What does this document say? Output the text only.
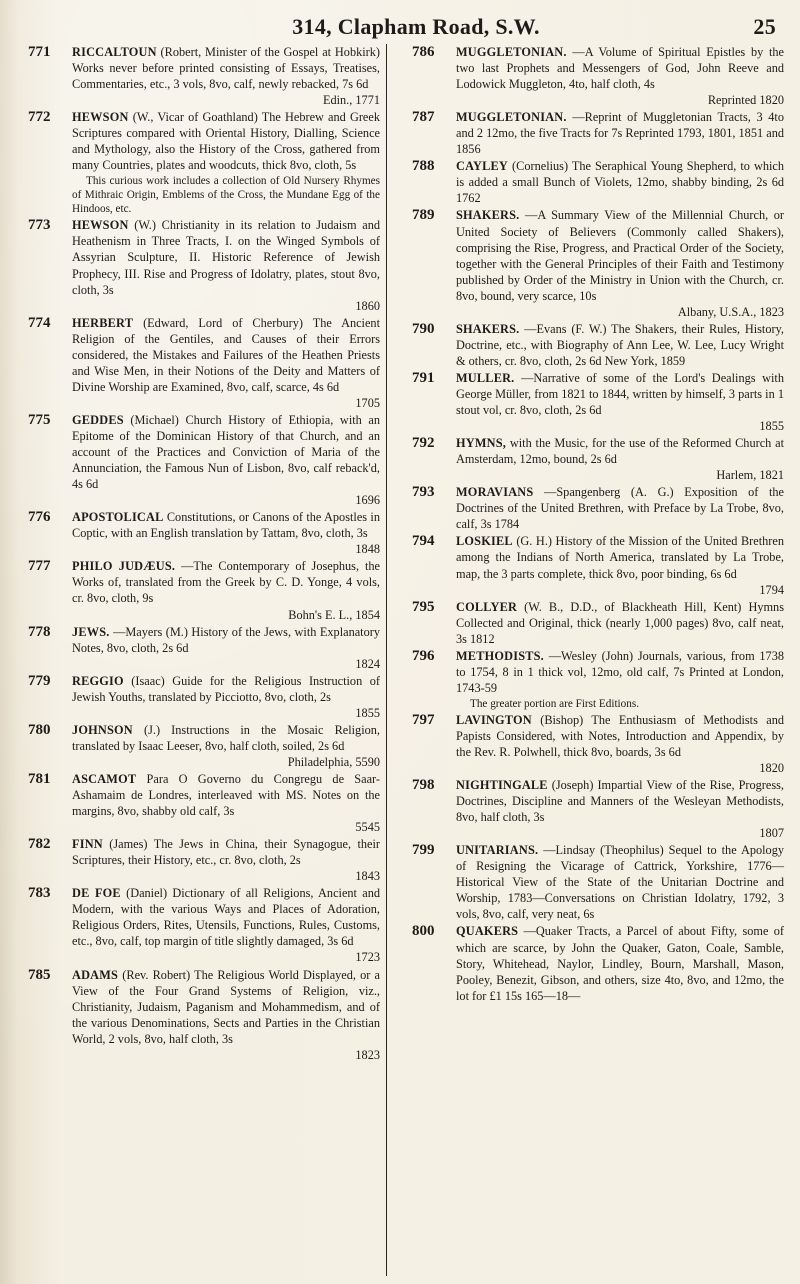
314, Clapham Road, S.W.	25
771	RICCALTOUN (Robert, Minister of the Gospel at Hobkirk) Works never before printed consisting of Essays, Treatises, Commentaries, etc., 3 vols, 8vo, calf, newly rebacked, 7s 6d
Edin., 1771
772	HEWSON (W., Vicar of Goathland) The Hebrew and Greek Scriptures compared with Oriental History, Dialling, Science and Mythology, also the History of the Cross, gathered from many Countries, plates and woodcuts, thick 8vo, cloth, 5s
This curious work includes a collection of Old Nursery Rhymes of Mithraic Origin, Emblems of the Cross, the Mundane Egg of the Hindoos, etc.
773	HEWSON (W.) Christianity in its relation to Judaism and Heathenism in Three Tracts, I. on the Winged Symbols of Assyrian Sculpture, II. Historic Reference of Jewish Prophecy, III. Rise and Progress of Idolatry, plates, stout 8vo, cloth, 3s
1860
774	HERBERT (Edward, Lord of Cherbury) The Ancient Religion of the Gentiles, and Causes of their Errors considered, the Mistakes and Failures of the Heathen Priests and Wise Men, in their Notions of the Deity and Matters of Divine Worship are Examined, 8vo, calf, scarce, 4s 6d
1705
775	GEDDES (Michael) Church History of Ethiopia, with an Epitome of the Dominican History of that Church, and an account of the Practices and Conviction of Maria of the Annunciation, the Famous Nun of Lisbon, 8vo, calf reback'd, 4s 6d
1696
776	APOSTOLICAL Constitutions, or Canons of the Apostles in Coptic, with an English translation by Tattam, 8vo, cloth, 3s
1848
777	PHILO JUDÆUS. —The Contemporary of Josephus, the Works of, translated from the Greek by C. D. Yonge, 4 vols, cr. 8vo, cloth, 9s
Bohn's E. L., 1854
778	JEWS. —Mayers (M.) History of the Jews, with Explanatory Notes, 8vo, cloth, 2s 6d
1824
779	REGGIO (Isaac) Guide for the Religious Instruction of Jewish Youths, translated by Picciotto, 8vo, cloth, 2s
1855
780	JOHNSON (J.) Instructions in the Mosaic Religion, translated by Isaac Leeser, 8vo, half cloth, soiled, 2s 6d
Philadelphia, 5590
781	ASCAMOT Para O Governo du Congregu de Saar-Ashamaim de Londres, interleaved with MS. Notes on the margins, 8vo, shabby old calf, 3s
5545
782	FINN (James) The Jews in China, their Synagogue, their Scriptures, their History, etc., cr. 8vo, cloth, 2s
1843
783	DE FOE (Daniel) Dictionary of all Religions, Ancient and Modern, with the various Ways and Places of Adoration, Religious Orders, Rites, Utensils, Functions, Rules, Customs, etc., 8vo, calf, top margin of title slightly damaged, 3s 6d
1723
785	ADAMS (Rev. Robert) The Religious World Displayed, or a View of the Four Grand Systems of Religion, viz., Christianity, Judaism, Paganism and Mohammedism, and of the various Denominations, Sects and Parties in the Christian World, 2 vols, 8vo, half cloth, 3s
1823
786	MUGGLETONIAN. —A Volume of Spiritual Epistles by the two last Prophets and Messengers of God, John Reeve and Lodowick Muggleton, 4to, half cloth, 4s
Reprinted 1820
787	MUGGLETONIAN. —Reprint of Muggletonian Tracts, 3 4to and 2 12mo, the five Tracts for 7s Reprinted 1793, 1801, 1851 and 1856
788	CAYLEY (Cornelius) The Seraphical Young Shepherd, to which is added a small Bunch of Violets, 12mo, shabby binding, 2s 6d 1762
789	SHAKERS. —A Summary View of the Millennial Church, or United Society of Believers (Commonly called Shakers), comprising the Rise, Progress, and Practical Order of the Society, together with the General Principles of their Faith and Testimony published by Order of the Ministry in Union with the Church, cr. 8vo, bound, very scarce, 10s
Albany, U.S.A., 1823
790	SHAKERS. —Evans (F. W.) The Shakers, their Rules, History, Doctrine, etc., with Biography of Ann Lee, W. Lee, Lucy Wright & others, cr. 8vo, cloth, 2s 6d New York, 1859
791	MULLER. —Narrative of some of the Lord's Dealings with George Müller, from 1821 to 1844, written by himself, 3 parts in 1 stout vol, cr. 8vo, cloth, 2s 6d
1855
792	HYMNS, with the Music, for the use of the Reformed Church at Amsterdam, 12mo, bound, 2s 6d
Harlem, 1821
793	MORAVIANS —Spangenberg (A. G.) Exposition of the Doctrines of the United Brethren, with Preface by La Trobe, 8vo, calf, 3s 1784
794	LOSKIEL (G. H.) History of the Mission of the United Brethren among the Indians of North America, translated by La Trobe, map, the 3 parts complete, thick 8vo, poor binding, 6s 6d
1794
795	COLLYER (W. B., D.D., of Blackheath Hill, Kent) Hymns Collected and Original, thick (nearly 1,000 pages) 8vo, calf neat, 3s 1812
796	METHODISTS. —Wesley (John) Journals, various, from 1738 to 1754, 8 in 1 thick vol, 12mo, old calf, 7s Printed at London, 1743-59
The greater portion are First Editions.
797	LAVINGTON (Bishop) The Enthusiasm of Methodists and Papists Considered, with Notes, Introduction and Appendix, by the Rev. R. Polwhell, thick 8vo, boards, 3s 6d
1820
798	NIGHTINGALE (Joseph) Impartial View of the Rise, Progress, Doctrines, Discipline and Manners of the Wesleyan Methodists, 8vo, half cloth, 3s
1807
799	UNITARIANS. —Lindsay (Theophilus) Sequel to the Apology of Resigning the Vicarage of Cattrick, Yorkshire, 1776—Historical View of the State of the Unitarian Doctrine and Worship, 1783—Conversations on Christian Idolatry, 1792, 3 vols, 8vo, calf, very neat, 6s
800	QUAKERS —Quaker Tracts, a Parcel of about Fifty, some of which are scarce, by John the Quaker, Gaton, Coale, Samble, Story, Whitehead, Naylor, Lindley, Bourn, Marshall, Mason, Pooley, Benezit, Gibson, and others, size 4to, 8vo, and 12mo, the lot for £1 15s 165—18—
